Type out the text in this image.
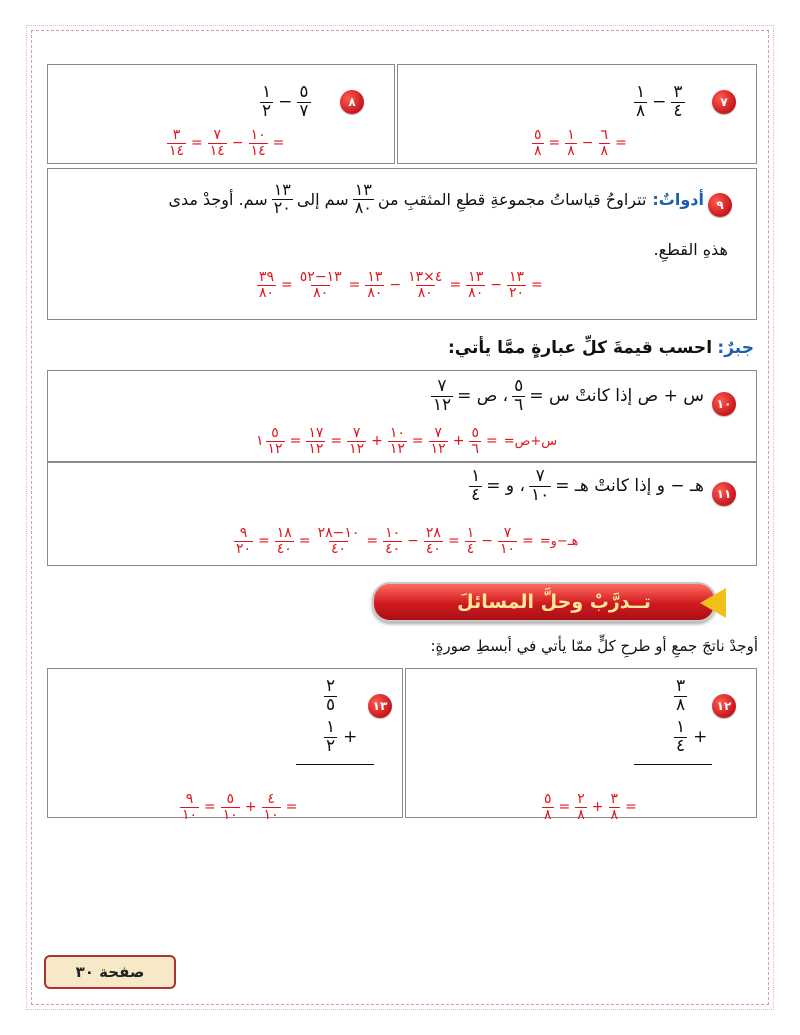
٨
$\frac{١}{٢} - \frac{٥}{٧}$
$\frac{٣}{١٤} = \frac{٧}{١٤} - \frac{١٠}{١٤}$ =
٧
$\frac{١}{٨} - \frac{٣}{٤}$
$\frac{٥}{٨} = \frac{١}{٨} - \frac{٦}{٨}$ =
٩
أدواتٌ:
تتراوحُ قياساتُ مجموعةِ قطعِ المثقبِ من
$\frac{١٣}{٨٠}$
سم إلى
$\frac{١٣}{٢٠}$
سم. أوجدْ مدى
هذهِ القطعِ.
$\frac{٣٩}{٨٠} = \frac{١٣-٥٢}{٨٠} = \frac{١٣}{٨٠} - \frac{٤\times ١٣}{٨٠} = \frac{١٣}{٨٠} - \frac{١٣}{٢٠}$ =
جبرٌ: احسب قيمةَ كلِّ عبارةٍ ممَّا يأتي:
١٠
س + ص إذا كانتْ س =
$\frac{٥}{٦}$
، ص =
$\frac{٧}{١٢}$
١ $\frac{٥}{١٢} = \frac{١٧}{١٢} = \frac{٧}{١٢} + \frac{١٠}{١٢} = \frac{٧}{١٢} + \frac{٥}{٦}$ = س+ص=
١١
هـ − و إذا كانتْ هـ =
$\frac{٧}{١٠}$
، و =
$\frac{١}{٤}$
$\frac{٩}{٢٠} = \frac{١٨}{٤٠} = \frac{١٠-٢٨}{٤٠} = \frac{١٠}{٤٠} - \frac{٢٨}{٤٠} = \frac{١}{٤} - \frac{٧}{١٠}$ = هـ−و=
تــدرَّبْ وحلَّ المسائلَ
أوجدْ ناتجَ جمعِ أو طرحِ كلٍّ ممّا يأتي في أبسطِ صورةٍ:
١٣
$\frac{٢}{٥}$
$\frac{١}{٢}$ +
$\frac{٩}{١٠} = \frac{٥}{١٠} + \frac{٤}{١٠}$ =
١٢
$\frac{٣}{٨}$
$\frac{١}{٤}$ +
$\frac{٥}{٨} = \frac{٢}{٨} + \frac{٣}{٨}$ =
صفحة ٣٠
